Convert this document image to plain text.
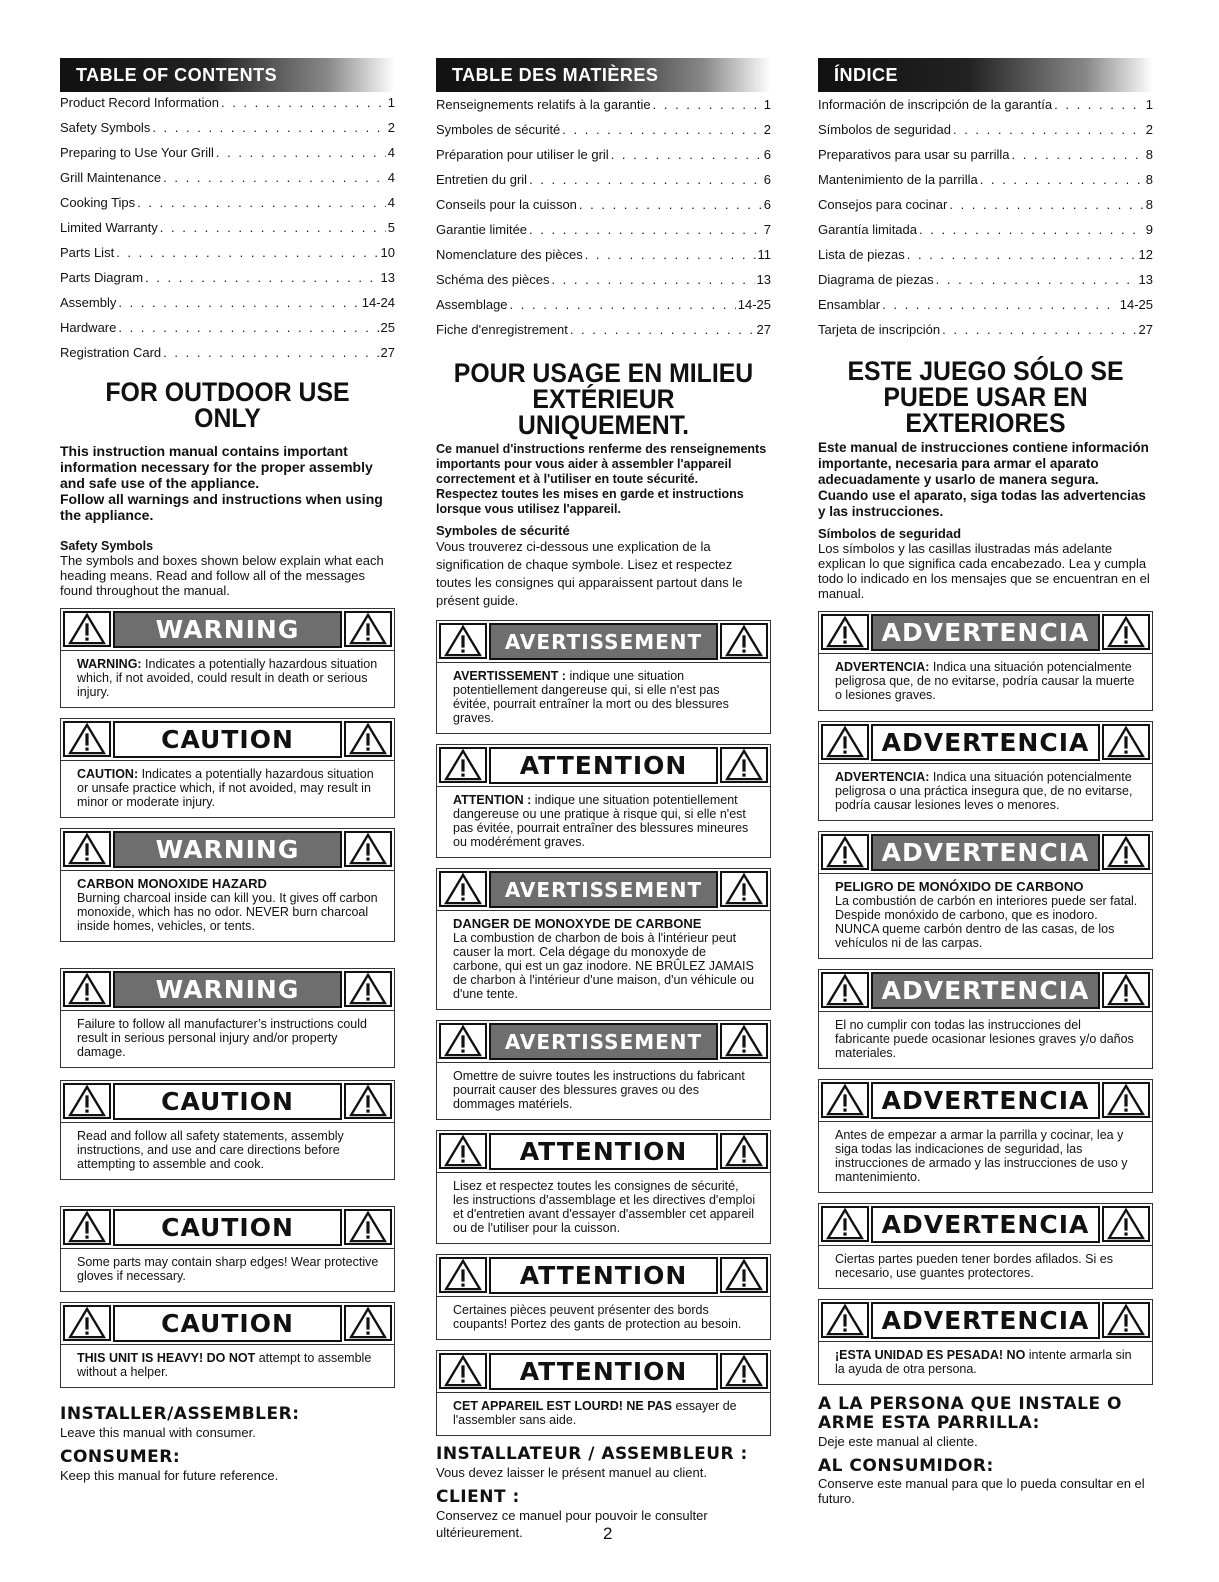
TABLE OF CONTENTS
Product Record Information . . .	1
Safety Symbols . . .	2
Preparing to Use Your Grill . . .	4
Grill Maintenance . . .	4
Cooking Tips . . .	4
Limited Warranty . . .	5
Parts List . . .	10
Parts Diagram . . .	13
Assembly . . .	14-24
Hardware . . .	25
Registration Card . . .	27
FOR OUTDOOR USE ONLY
This instruction manual contains important information necessary for the proper assembly and safe use of the appliance.
Follow all warnings and instructions when using the appliance.
Safety Symbols
The symbols and boxes shown below explain what each heading means. Read and follow all of the messages found throughout the manual.
WARNING
WARNING: Indicates a potentially hazardous situation which, if not avoided, could result in death or serious injury.
CAUTION
CAUTION: Indicates a potentially hazardous situation or unsafe practice which, if not avoided, may result in minor or moderate injury.
WARNING
CARBON MONOXIDE HAZARD
Burning charcoal inside can kill you. It gives off carbon monoxide, which has no odor. NEVER burn charcoal inside homes, vehicles, or tents.
WARNING
Failure to follow all manufacturer’s instructions could result in serious personal injury and/or property damage.
CAUTION
Read and follow all safety statements, assembly instructions, and use and care directions before attempting to assemble and cook.
CAUTION
Some parts may contain sharp edges! Wear protective gloves if necessary.
CAUTION
THIS UNIT IS HEAVY! DO NOT attempt to assemble without a helper.
INSTALLER/ASSEMBLER:
Leave this manual with consumer.
CONSUMER:
Keep this manual for future reference.
TABLE DES MATIÈRES
Renseignements relatifs à la garantie . . .	1
Symboles de sécurité . . .	2
Préparation pour utiliser le gril . . .	6
Entretien du gril . . .	6
Conseils pour la cuisson . . .	6
Garantie limitée . . .	7
Nomenclature des pièces . . .	11
Schéma des pièces . . .	13
Assemblage . . .	14-25
Fiche d'enregistrement . . .	27
POUR USAGE EN MILIEU EXTÉRIEUR UNIQUEMENT.
Ce manuel d'instructions renferme des renseignements importants pour vous aider à assembler l'appareil correctement et à l'utiliser en toute sécurité.
Respectez toutes les mises en garde et instructions lorsque vous utilisez l'appareil.
Symboles de sécurité
Vous trouverez ci-dessous une explication de la signification de chaque symbole. Lisez et respectez toutes les consignes qui apparaissent partout dans le présent guide.
AVERTISSEMENT
AVERTISSEMENT : indique une situation potentiellement dangereuse qui, si elle n'est pas évitée, pourrait entraîner la mort ou des blessures graves.
ATTENTION
ATTENTION : indique une situation potentiellement dangereuse ou une pratique à risque qui, si elle n'est pas évitée, pourrait entraîner des blessures mineures ou modérément graves.
AVERTISSEMENT
DANGER DE MONOXYDE DE CARBONE
La combustion de charbon de bois à l'intérieur peut causer la mort. Cela dégage du monoxyde de carbone, qui est un gaz inodore. NE BRÛLEZ JAMAIS de charbon à l'intérieur d'une maison, d'un véhicule ou d'une tente.
AVERTISSEMENT
Omettre de suivre toutes les instructions du fabricant pourrait causer des blessures graves ou des dommages matériels.
ATTENTION
Lisez et respectez toutes les consignes de sécurité, les instructions d'assemblage et les directives d'emploi et d'entretien avant d'essayer d'assembler cet appareil ou de l'utiliser pour la cuisson.
ATTENTION
Certaines pièces peuvent présenter des bords coupants! Portez des gants de protection au besoin.
ATTENTION
CET APPAREIL EST LOURD! NE PAS essayer de l'assembler sans aide.
INSTALLATEUR / ASSEMBLEUR :
Vous devez laisser le présent manuel au client.
CLIENT :
Conservez ce manuel pour pouvoir le consulter ultérieurement.
ÍNDICE
Información de inscripción de la garantía . . .	1
Símbolos de seguridad . . .	2
Preparativos para usar su parrilla . . .	8
Mantenimiento de la parrilla . . .	8
Consejos para cocinar . . .	8
Garantía limitada . . .	9
Lista de piezas . . .	12
Diagrama de piezas . . .	13
Ensamblar . . .	14-25
Tarjeta de inscripción . . .	27
ESTE JUEGO SÓLO SE PUEDE USAR EN EXTERIORES
Este manual de instrucciones contiene información importante, necesaria para armar el aparato adecuadamente y usarlo de manera segura.
Cuando use el aparato, siga todas las advertencias y las instrucciones.
Símbolos de seguridad
Los símbolos y las casillas ilustradas más adelante explican lo que significa cada encabezado. Lea y cumpla todo lo indicado en los mensajes que se encuentran en el manual.
ADVERTENCIA
ADVERTENCIA: Indica una situación potencialmente peligrosa que, de no evitarse, podría causar la muerte o lesiones graves.
ADVERTENCIA
ADVERTENCIA: Indica una situación potencialmente peligrosa o una práctica insegura que, de no evitarse, podría causar lesiones leves o menores.
ADVERTENCIA
PELIGRO DE MONÓXIDO DE CARBONO
La combustión de carbón en interiores puede ser fatal. Despide monóxido de carbono, que es inodoro. NUNCA queme carbón dentro de las casas, de los vehículos ni de las carpas.
ADVERTENCIA
El no cumplir con todas las instrucciones del fabricante puede ocasionar lesiones graves y/o daños materiales.
ADVERTENCIA
Antes de empezar a armar la parrilla y cocinar, lea y siga todas las indicaciones de seguridad, las instrucciones de armado y las instrucciones de uso y mantenimiento.
ADVERTENCIA
Ciertas partes pueden tener bordes afilados. Si es necesario, use guantes protectores.
ADVERTENCIA
¡ESTA UNIDAD ES PESADA! NO intente armarla sin la ayuda de otra persona.
A LA PERSONA QUE INSTALE O ARME ESTA PARRILLA:
Deje este manual al cliente.
AL CONSUMIDOR:
Conserve este manual para que lo pueda consultar en el futuro.
2
